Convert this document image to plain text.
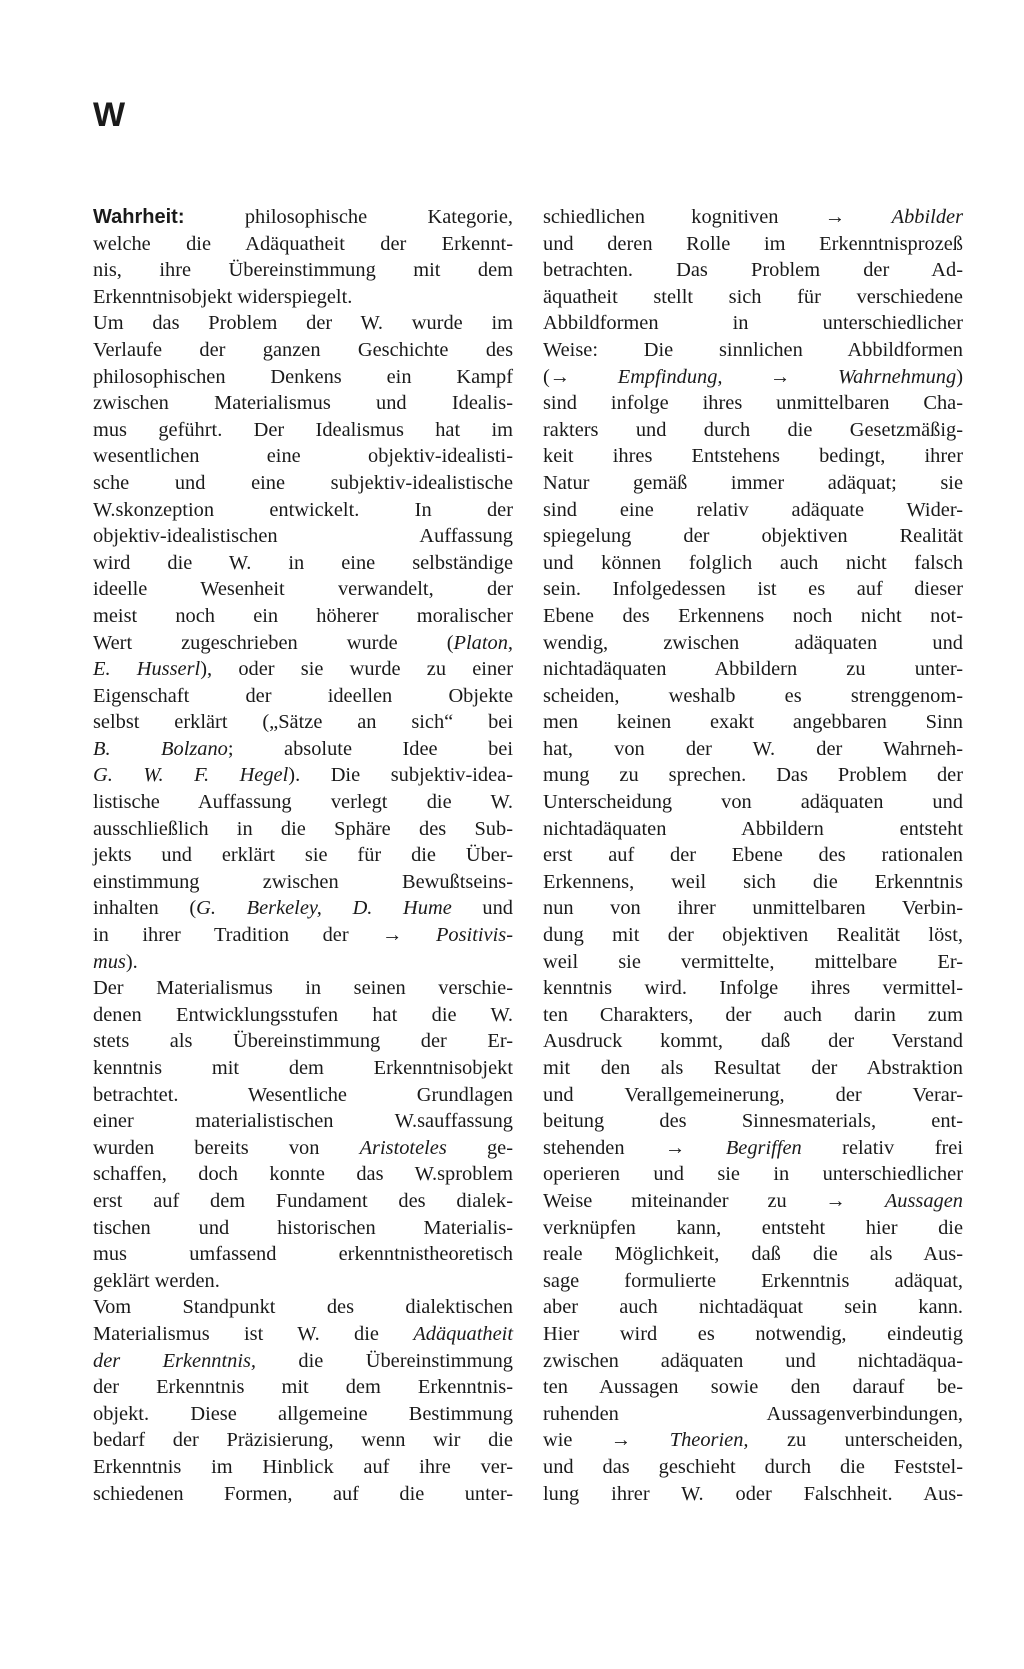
W
Wahrheit: philosophische Kategorie,
welche die Adäquatheit der Erkennt-
nis, ihre Übereinstimmung mit dem
Erkenntnisobjekt widerspiegelt.
Um das Problem der W. wurde im
Verlaufe der ganzen Geschichte des
philosophischen Denkens ein Kampf
zwischen Materialismus und Idealis-
mus geführt. Der Idealismus hat im
wesentlichen eine objektiv-idealisti-
sche und eine subjektiv-idealistische
W.skonzeption entwickelt. In der
objektiv-idealistischen Auffassung
wird die W. in eine selbständige
ideelle Wesenheit verwandelt, der
meist noch ein höherer moralischer
Wert zugeschrieben wurde (Platon,
E. Husserl), oder sie wurde zu einer
Eigenschaft der ideellen Objekte
selbst erklärt („Sätze an sich“ bei
B. Bolzano; absolute Idee bei
G. W. F. Hegel). Die subjektiv-idea-
listische Auffassung verlegt die W.
ausschließlich in die Sphäre des Sub-
jekts und erklärt sie für die Über-
einstimmung zwischen Bewußtseins-
inhalten (G. Berkeley, D. Hume und
in ihrer Tradition der → Positivis-
mus).
Der Materialismus in seinen verschie-
denen Entwicklungsstufen hat die W.
stets als Übereinstimmung der Er-
kenntnis mit dem Erkenntnisobjekt
betrachtet. Wesentliche Grundlagen
einer materialistischen W.sauffassung
wurden bereits von Aristoteles ge-
schaffen, doch konnte das W.sproblem
erst auf dem Fundament des dialek-
tischen und historischen Materialis-
mus umfassend erkenntnistheoretisch
geklärt werden.
Vom Standpunkt des dialektischen
Materialismus ist W. die Adäquatheit
der Erkenntnis, die Übereinstimmung
der Erkenntnis mit dem Erkenntnis-
objekt. Diese allgemeine Bestimmung
bedarf der Präzisierung, wenn wir die
Erkenntnis im Hinblick auf ihre ver-
schiedenen Formen, auf die unter-
schiedlichen kognitiven → Abbilder
und deren Rolle im Erkenntnisprozeß
betrachten. Das Problem der Ad-
äquatheit stellt sich für verschiedene
Abbildformen in unterschiedlicher
Weise: Die sinnlichen Abbildformen
(→ Empfindung, → Wahrnehmung)
sind infolge ihres unmittelbaren Cha-
rakters und durch die Gesetzmäßig-
keit ihres Entstehens bedingt, ihrer
Natur gemäß immer adäquat; sie
sind eine relativ adäquate Wider-
spiegelung der objektiven Realität
und können folglich auch nicht falsch
sein. Infolgedessen ist es auf dieser
Ebene des Erkennens noch nicht not-
wendig, zwischen adäquaten und
nichtadäquaten Abbildern zu unter-
scheiden, weshalb es strenggenom-
men keinen exakt angebbaren Sinn
hat, von der W. der Wahrneh-
mung zu sprechen. Das Problem der
Unterscheidung von adäquaten und
nichtadäquaten Abbildern entsteht
erst auf der Ebene des rationalen
Erkennens, weil sich die Erkenntnis
nun von ihrer unmittelbaren Verbin-
dung mit der objektiven Realität löst,
weil sie vermittelte, mittelbare Er-
kenntnis wird. Infolge ihres vermittel-
ten Charakters, der auch darin zum
Ausdruck kommt, daß der Verstand
mit den als Resultat der Abstraktion
und Verallgemeinerung, der Verar-
beitung des Sinnesmaterials, ent-
stehenden → Begriffen relativ frei
operieren und sie in unterschiedlicher
Weise miteinander zu → Aussagen
verknüpfen kann, entsteht hier die
reale Möglichkeit, daß die als Aus-
sage formulierte Erkenntnis adäquat,
aber auch nichtadäquat sein kann.
Hier wird es notwendig, eindeutig
zwischen adäquaten und nichtadäqua-
ten Aussagen sowie den darauf be-
ruhenden Aussagenverbindungen,
wie → Theorien, zu unterscheiden,
und das geschieht durch die Feststel-
lung ihrer W. oder Falschheit. Aus-
